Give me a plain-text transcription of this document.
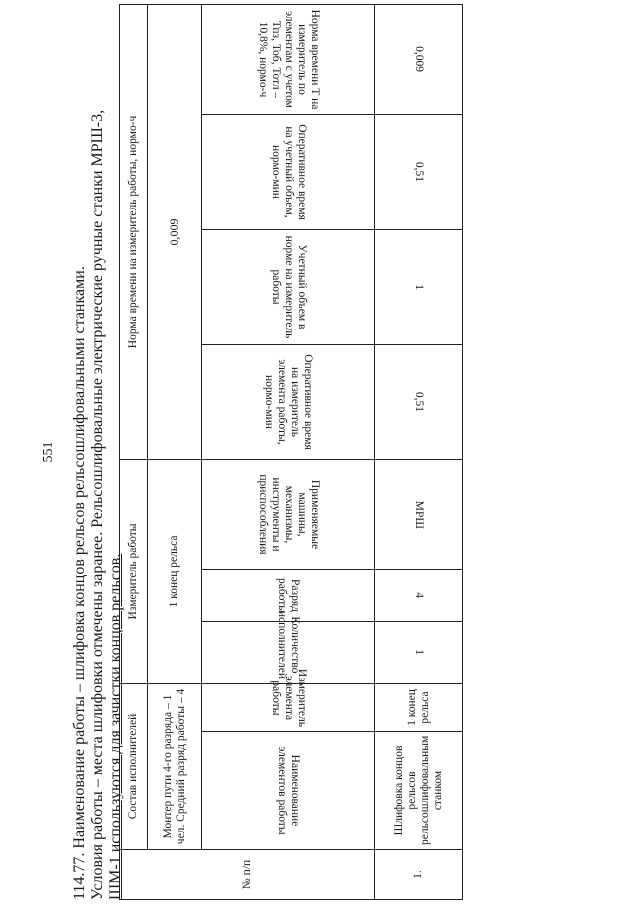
551 114.77. Наименование работы – шлифовка концов рельсов рельсошлифовальными станками. Условия работы – места шлифовки отмечены заранее. Рельсошлифовальные электрические ручные станки МРШ-3, ШМ-1 используются для зачистки концов рельсов.	№ п/п	Состав исполнителей		Измеритель работы			Норма времени на измеритель работы, нормо-ч			
	Монтер пути 4-го разряда – 1 чел. Средний разряд работы – 4		1 конец рельса			0,009			
	Наименование элементов работы	Измеритель элемента работы	Количество исполнителей	Разряд работы	Применяемые машины, механизмы, инструменты и приспособления	Оперативное время на измеритель элемента работы, нормо-мин	Учетный объем в норме на измеритель работы	Оперативное время на учетный объем, нормо-мин	Норма времени Т на измеритель по элементам с учетом Тпз, Тоб, Тотл – 10,8%, нормо-ч
1.	Шлифовка концов рельсов рельсошлифовальным станком	1 конец рельса	1	4	МРШ	0,51	1	0,51	0,009
